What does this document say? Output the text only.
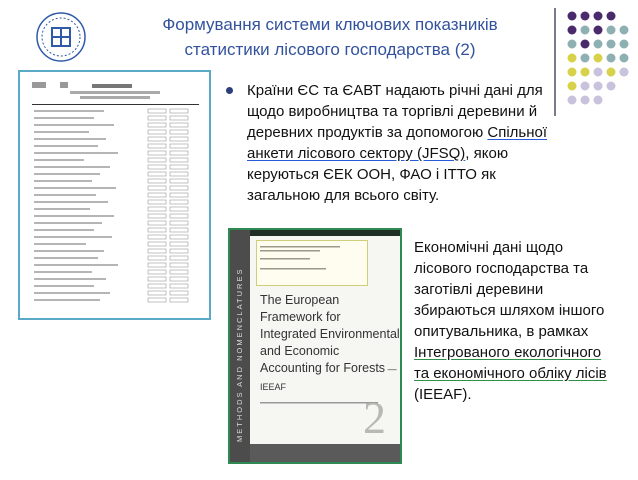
Формування системи ключових показників
статистики лісового господарства (2)
Країни ЄС та ЄАВТ надають річні дані для щодо виробництва та торгівлі деревини й деревних продуктів за допомогою Спільної анкети лісового сектору (JFSQ), якою керуються ЄЕК ООН, ФАО і ІТТО як загальною для всього світу.
METHODS AND NOMENCLATURES The European Framework for Integrated Environmental and Economic Accounting for Forests — IEEAF
2
Економічні дані щодо лісового господарства та заготівлі деревини збираються шляхом іншого опитувальника, в рамках Інтегрованого екологічного та економічного обліку лісів (IEEAF).
